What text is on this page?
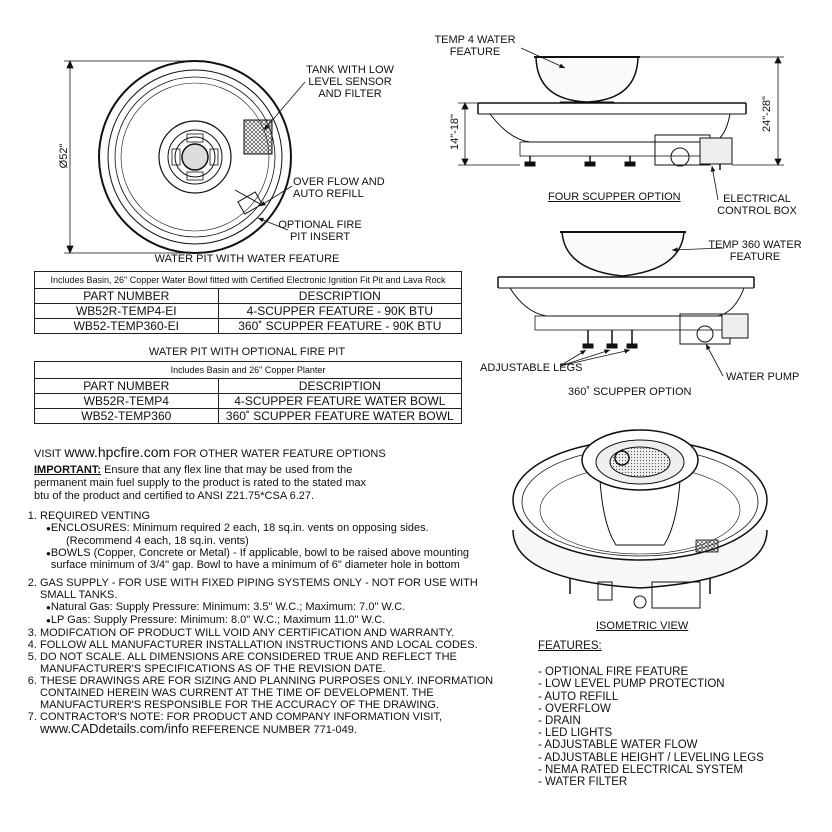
TANK WITH LOW LEVEL SENSOR AND FILTER
OVER FLOW AND AUTO REFILL
OPTIONAL FIRE PIT INSERT
Ø52"
TEMP 4 WATER FEATURE
14"-18"
24"-28"
FOUR SCUPPER OPTION	ELECTRICAL CONTROL BOX
TEMP 360 WATER FEATURE
ADJUSTABLE LEGS
WATER PUMP
360˚ SCUPPER OPTION
ISOMETRIC VIEW
WATER PIT WITH WATER FEATURE
Includes Basin, 26" Copper Water Bowl fitted with Certified Electronic Ignition Fit Pit and Lava Rock	
PART NUMBER	DESCRIPTION
WB52R-TEMP4-EI	4-SCUPPER FEATURE - 90K BTU
WB52-TEMP360-EI	360˚ SCUPPER FEATURE - 90K BTU
WATER PIT WITH OPTIONAL FIRE PIT
Includes Basin and 26" Copper Planter	
PART NUMBER	DESCRIPTION
WB52R-TEMP4	4-SCUPPER FEATURE WATER BOWL
WB52-TEMP360	360˚ SCUPPER FEATURE WATER BOWL
VISIT www.hpcfire.com FOR OTHER WATER FEATURE OPTIONS
IMPORTANT: Ensure that any flex line that may be used from the permanent main fuel supply to the product is rated to the stated max btu of the product and certified to ANSI Z21.75*CSA 6.27.
1. REQUIRED VENTING
● ENCLOSURES: Minimum required 2 each, 18 sq.in. vents on opposing sides.
(Recommend 4 each, 18 sq.in. vents)
● BOWLS (Copper, Concrete or Metal) - If applicable, bowl to be raised above mounting surface minimum of 3/4" gap. Bowl to have a minimum of 6" diameter hole in bottom
2. GAS SUPPLY - FOR USE WITH FIXED PIPING SYSTEMS ONLY - NOT FOR USE WITH SMALL TANKS.
● Natural Gas: Supply Pressure: Minimum: 3.5" W.C.; Maximum: 7.0" W.C.
● LP Gas: Supply Pressure: Minimum: 8.0" W.C.; Maximum 11.0" W.C.
3. MODIFCATION OF PRODUCT WILL VOID ANY CERTIFICATION AND WARRANTY.
4. FOLLOW ALL MANUFACTURER INSTALLATION INSTRUCTIONS AND LOCAL CODES.
5. DO NOT SCALE. ALL DIMENSIONS ARE CONSIDERED TRUE AND REFLECT THE MANUFACTURER'S SPECIFICATIONS AS OF THE REVISION DATE.
6. THESE DRAWINGS ARE FOR SIZING AND PLANNING PURPOSES ONLY. INFORMATION CONTAINED HEREIN WAS CURRENT AT THE TIME OF DEVELOPMENT. THE MANUFACTURER'S RESPONSIBLE FOR THE ACCURACY OF THE DRAWING.
7. CONTRACTOR'S NOTE: FOR PRODUCT AND COMPANY INFORMATION VISIT,
www.CADdetails.com/info REFERENCE NUMBER 771-049.
FEATURES:
- OPTIONAL FIRE FEATURE
- LOW LEVEL PUMP PROTECTION
- AUTO REFILL
- OVERFLOW
- DRAIN
- LED LIGHTS
- ADJUSTABLE WATER FLOW
- ADJUSTABLE HEIGHT / LEVELING LEGS
- NEMA RATED ELECTRICAL SYSTEM
- WATER FILTER
